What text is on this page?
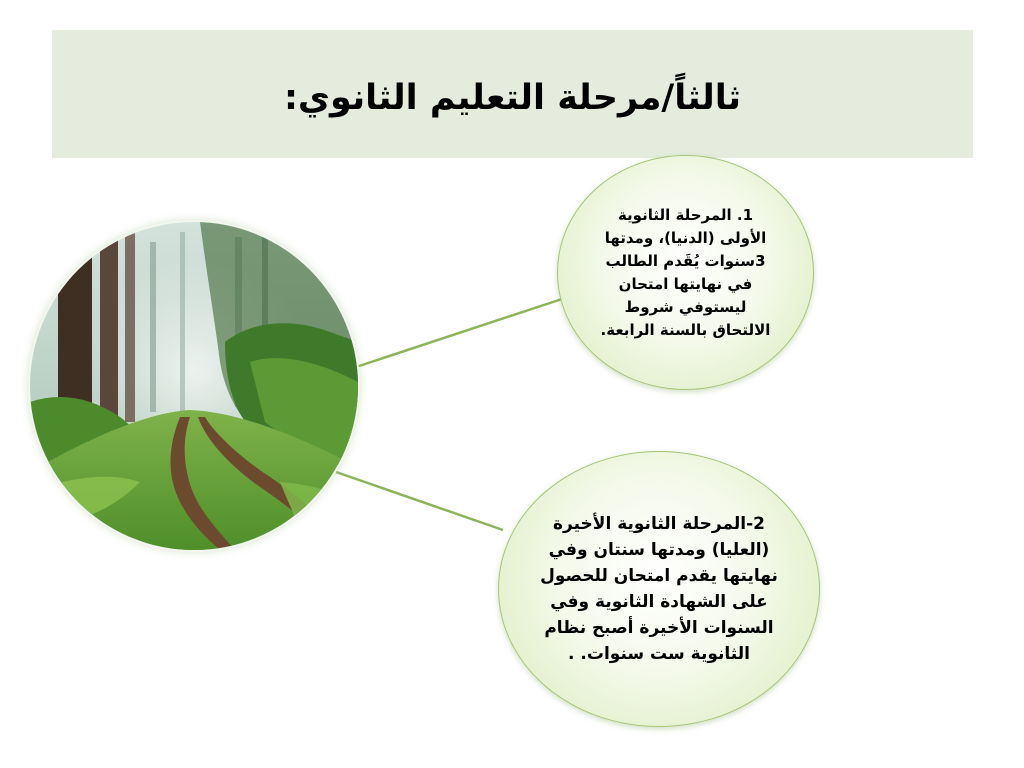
ثالثاً/مرحلة التعليم الثانوي:
1. المرحلة الثانوية الأولى (الدنيا)، ومدتها 3سنوات يُقَدم الطالب في نهايتها امتحان ليستوفي شروط الالتحاق بالسنة الرابعة.
2-المرحلة الثانوية الأخيرة (العليا) ومدتها سنتان وفي نهايتها يقدم امتحان للحصول على الشهادة الثانوية وفي السنوات الأخيرة أصبح نظام الثانوية ست سنوات. .
